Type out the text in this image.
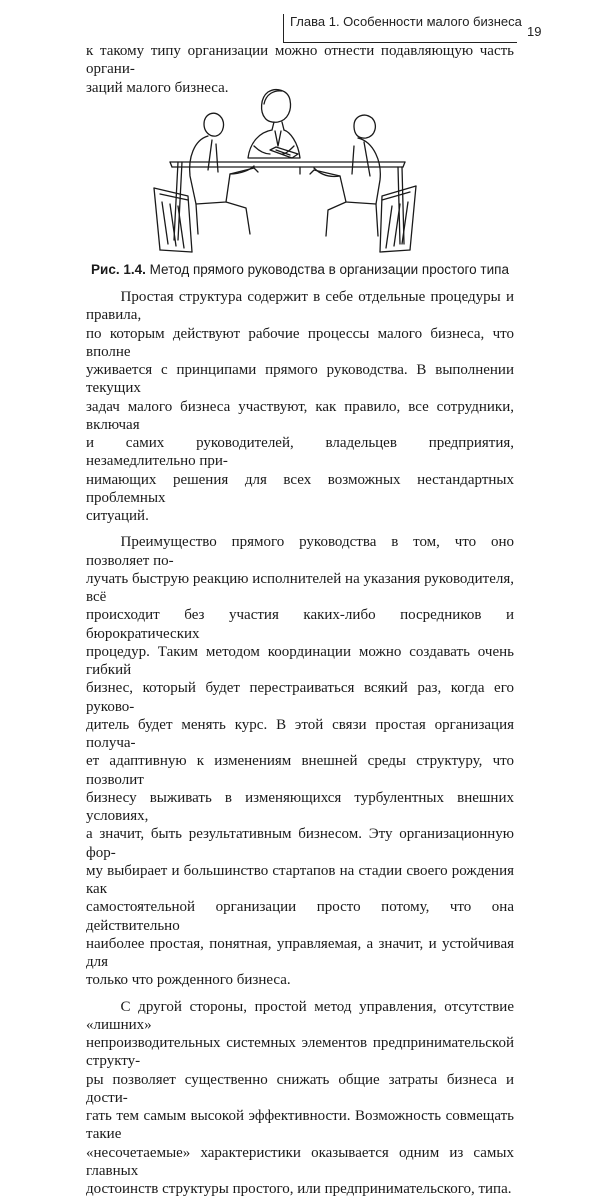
Глава 1. Особенности малого бизнеса
19

к такому типу организации можно отнести подавляющую часть органи-

заций малого бизнеса.

Рис. 1.4. Метод прямого руководства в организации простого типа

Простая структура содержит в себе отдельные процедуры и правила,

по которым действуют рабочие процессы малого бизнеса, что вполне

уживается с принципами прямого руководства. В выполнении текущих

задач малого бизнеса участвуют, как правило, все сотрудники, включая

и самих руководителей, владельцев предприятия, незамедлительно при-

нимающих решения для всех возможных нестандартных проблемных

ситуаций.

Преимущество прямого руководства в том, что оно позволяет по-

лучать быструю реакцию исполнителей на указания руководителя, всё

происходит без участия каких-либо посредников и бюрократических

процедур. Таким методом координации можно создавать очень гибкий

бизнес, который будет перестраиваться всякий раз, когда его руково-

дитель будет менять курс. В этой связи простая организация получа-

ет адаптивную к изменениям внешней среды структуру, что позволит

бизнесу выживать в изменяющихся турбулентных внешних условиях,

а значит, быть результативным бизнесом. Эту организационную фор-

му выбирает и большинство стартапов на стадии своего рождения как

самостоятельной организации просто потому, что она действительно

наиболее простая, понятная, управляемая, а значит, и устойчивая для

только что рожденного бизнеса.

С другой стороны, простой метод управления, отсутствие «лишних»

непроизводительных системных элементов предпринимательской структу-

ры позволяет существенно снижать общие затраты бизнеса и дости-

гать тем самым высокой эффективности. Возможность совмещать такие

«несочетаемые» характеристики оказывается одним из самых главных

достоинств структуры простого, или предпринимательского, типа.
